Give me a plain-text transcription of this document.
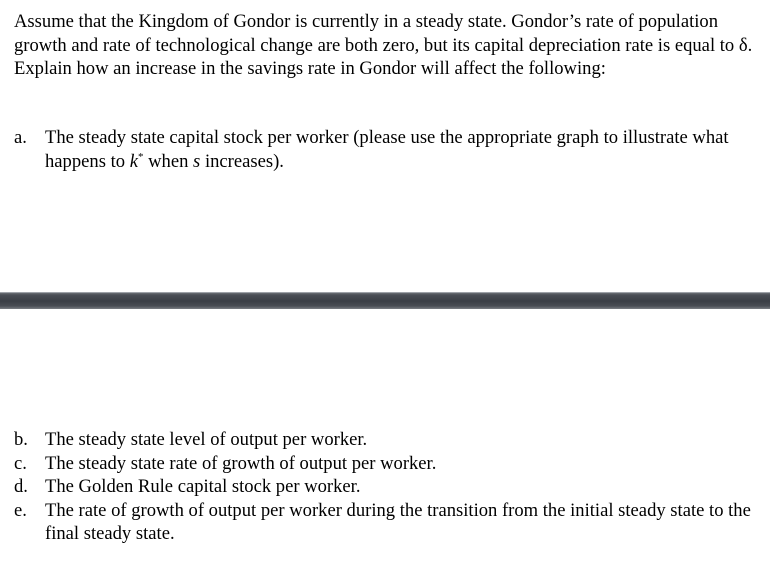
Assume that the Kingdom of Gondor is currently in a steady state. Gondor’s rate of population growth and rate of technological change are both zero, but its capital depreciation rate is equal to δ. Explain how an increase in the savings rate in Gondor will affect the following:

a. The steady state capital stock per worker (please use the appropriate graph to illustrate what happens to k* when s increases).
b. The steady state level of output per worker.
c. The steady state rate of growth of output per worker.
d. The Golden Rule capital stock per worker.
e. The rate of growth of output per worker during the transition from the initial steady state to the final steady state.
